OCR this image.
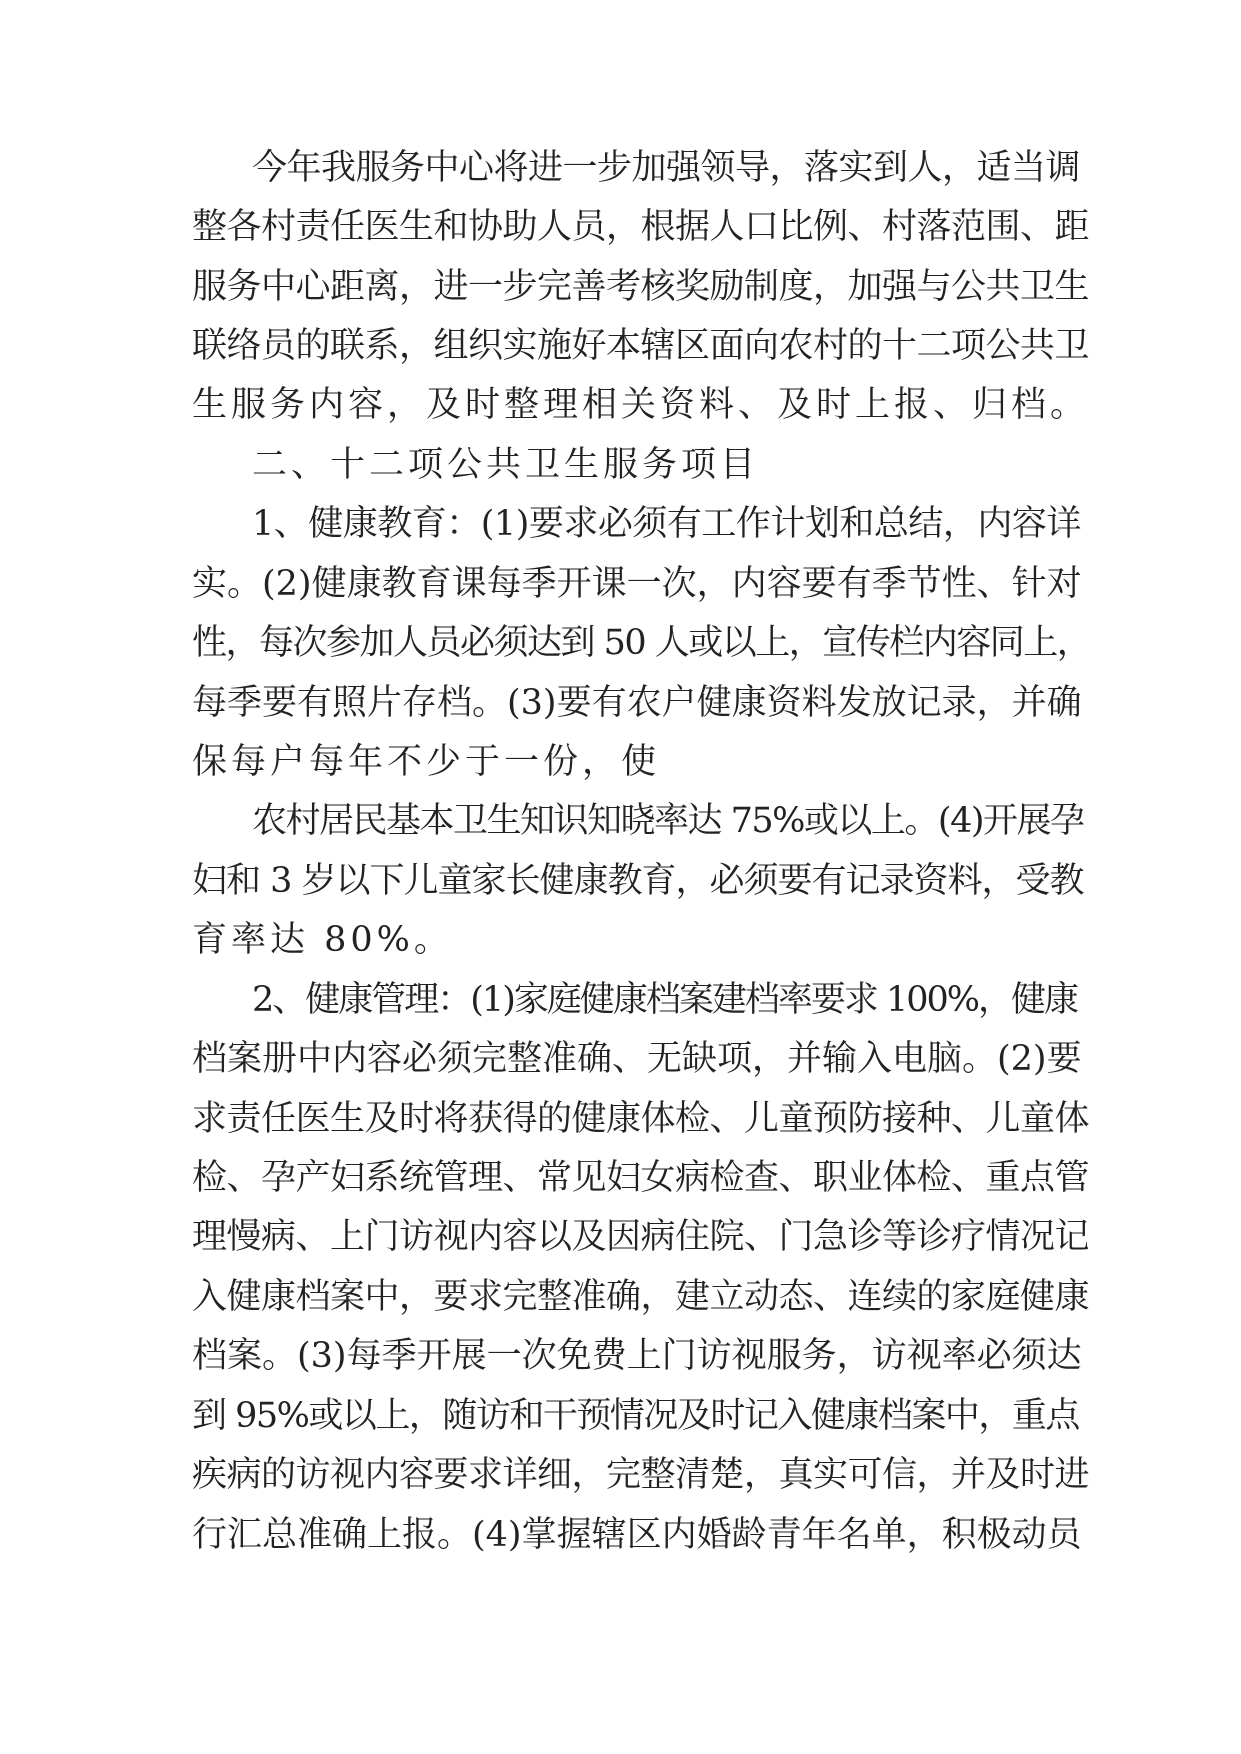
今年我服务中心将进一步加强领导，落实到人，适当调
整各村责任医生和协助人员，根据人口比例、村落范围、距
服务中心距离，进一步完善考核奖励制度，加强与公共卫生
联络员的联系，组织实施好本辖区面向农村的十二项公共卫
生服务内容，及时整理相关资料、及时上报、归档。
二、十二项公共卫生服务项目
1、健康教育：(1)要求必须有工作计划和总结，内容详
实。(2)健康教育课每季开课一次，内容要有季节性、针对
性，每次参加人员必须达到 50 人或以上，宣传栏内容同上，
每季要有照片存档。(3)要有农户健康资料发放记录，并确
保每户每年不少于一份，使
农村居民基本卫生知识知晓率达 75%或以上。(4)开展孕
妇和 3 岁以下儿童家长健康教育，必须要有记录资料，受教
育率达 80%。
2、健康管理：(1)家庭健康档案建档率要求 100%，健康
档案册中内容必须完整准确、无缺项，并输入电脑。(2)要
求责任医生及时将获得的健康体检、儿童预防接种、儿童体
检、孕产妇系统管理、常见妇女病检查、职业体检、重点管
理慢病、上门访视内容以及因病住院、门急诊等诊疗情况记
入健康档案中，要求完整准确，建立动态、连续的家庭健康
档案。(3)每季开展一次免费上门访视服务，访视率必须达
到 95%或以上，随访和干预情况及时记入健康档案中，重点
疾病的访视内容要求详细，完整清楚，真实可信，并及时进
行汇总准确上报。(4)掌握辖区内婚龄青年名单，积极动员
